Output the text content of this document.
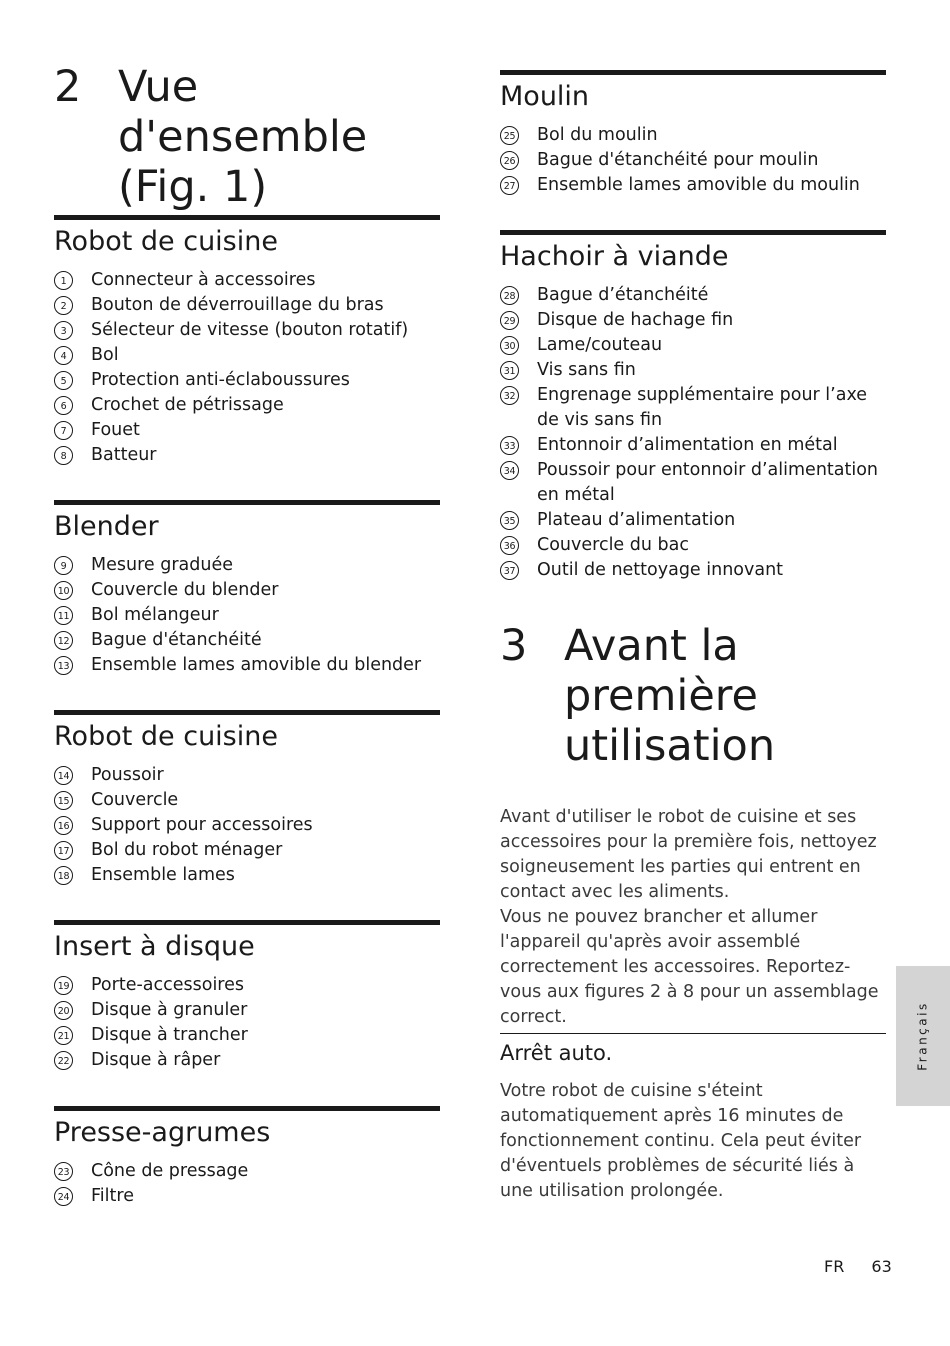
2 Vue d'ensemble
(Fig. 1)
Robot de cuisine
1	Connecteur à accessoires
2	Bouton de déverrouillage du bras
3	Sélecteur de vitesse (bouton rotatif)
4	Bol
5	Protection anti-éclaboussures
6	Crochet de pétrissage
7	Fouet
8	Batteur
Blender
9	Mesure graduée
10 Couvercle du blender
11 Bol mélangeur
12 Bague d'étanchéité
13 Ensemble lames amovible du blender
Robot de cuisine
14 Poussoir
15 Couvercle
16 Support pour accessoires
17 Bol du robot ménager
18 Ensemble lames
Insert à disque
19 Porte-accessoires
20 Disque à granuler
21 Disque à trancher
22 Disque à râper
Presse-agrumes
23 Cône de pressage
24 Filtre
Moulin
25 Bol du moulin
26 Bague d'étanchéité pour moulin
27 Ensemble lames amovible du moulin
Hachoir à viande
28 Bague d’étanchéité
29 Disque de hachage fin
30 Lame/couteau
31 Vis sans fin
32 Engrenage supplémentaire pour l’axe de vis sans fin
33 Entonnoir d’alimentation en métal
34 Poussoir pour entonnoir d’alimentation en métal
35 Plateau d’alimentation
36 Couvercle du bac
37 Outil de nettoyage innovant
3 Avant la
première
utilisation

Avant d'utiliser le robot de cuisine et ses accessoires pour la première fois, nettoyez soigneusement les parties qui entrent en contact avec les aliments.

Vous ne pouvez brancher et allumer l'appareil qu'après avoir assemblé correctement les accessoires. Reportez-vous aux figures 2 à 8 pour un assemblage correct.

Arrêt auto.

Votre robot de cuisine s'éteint automatiquement après 16 minutes de fonctionnement continu. Cela peut éviter d'éventuels problèmes de sécurité liés à une utilisation prolongée.

Français
FR 63
